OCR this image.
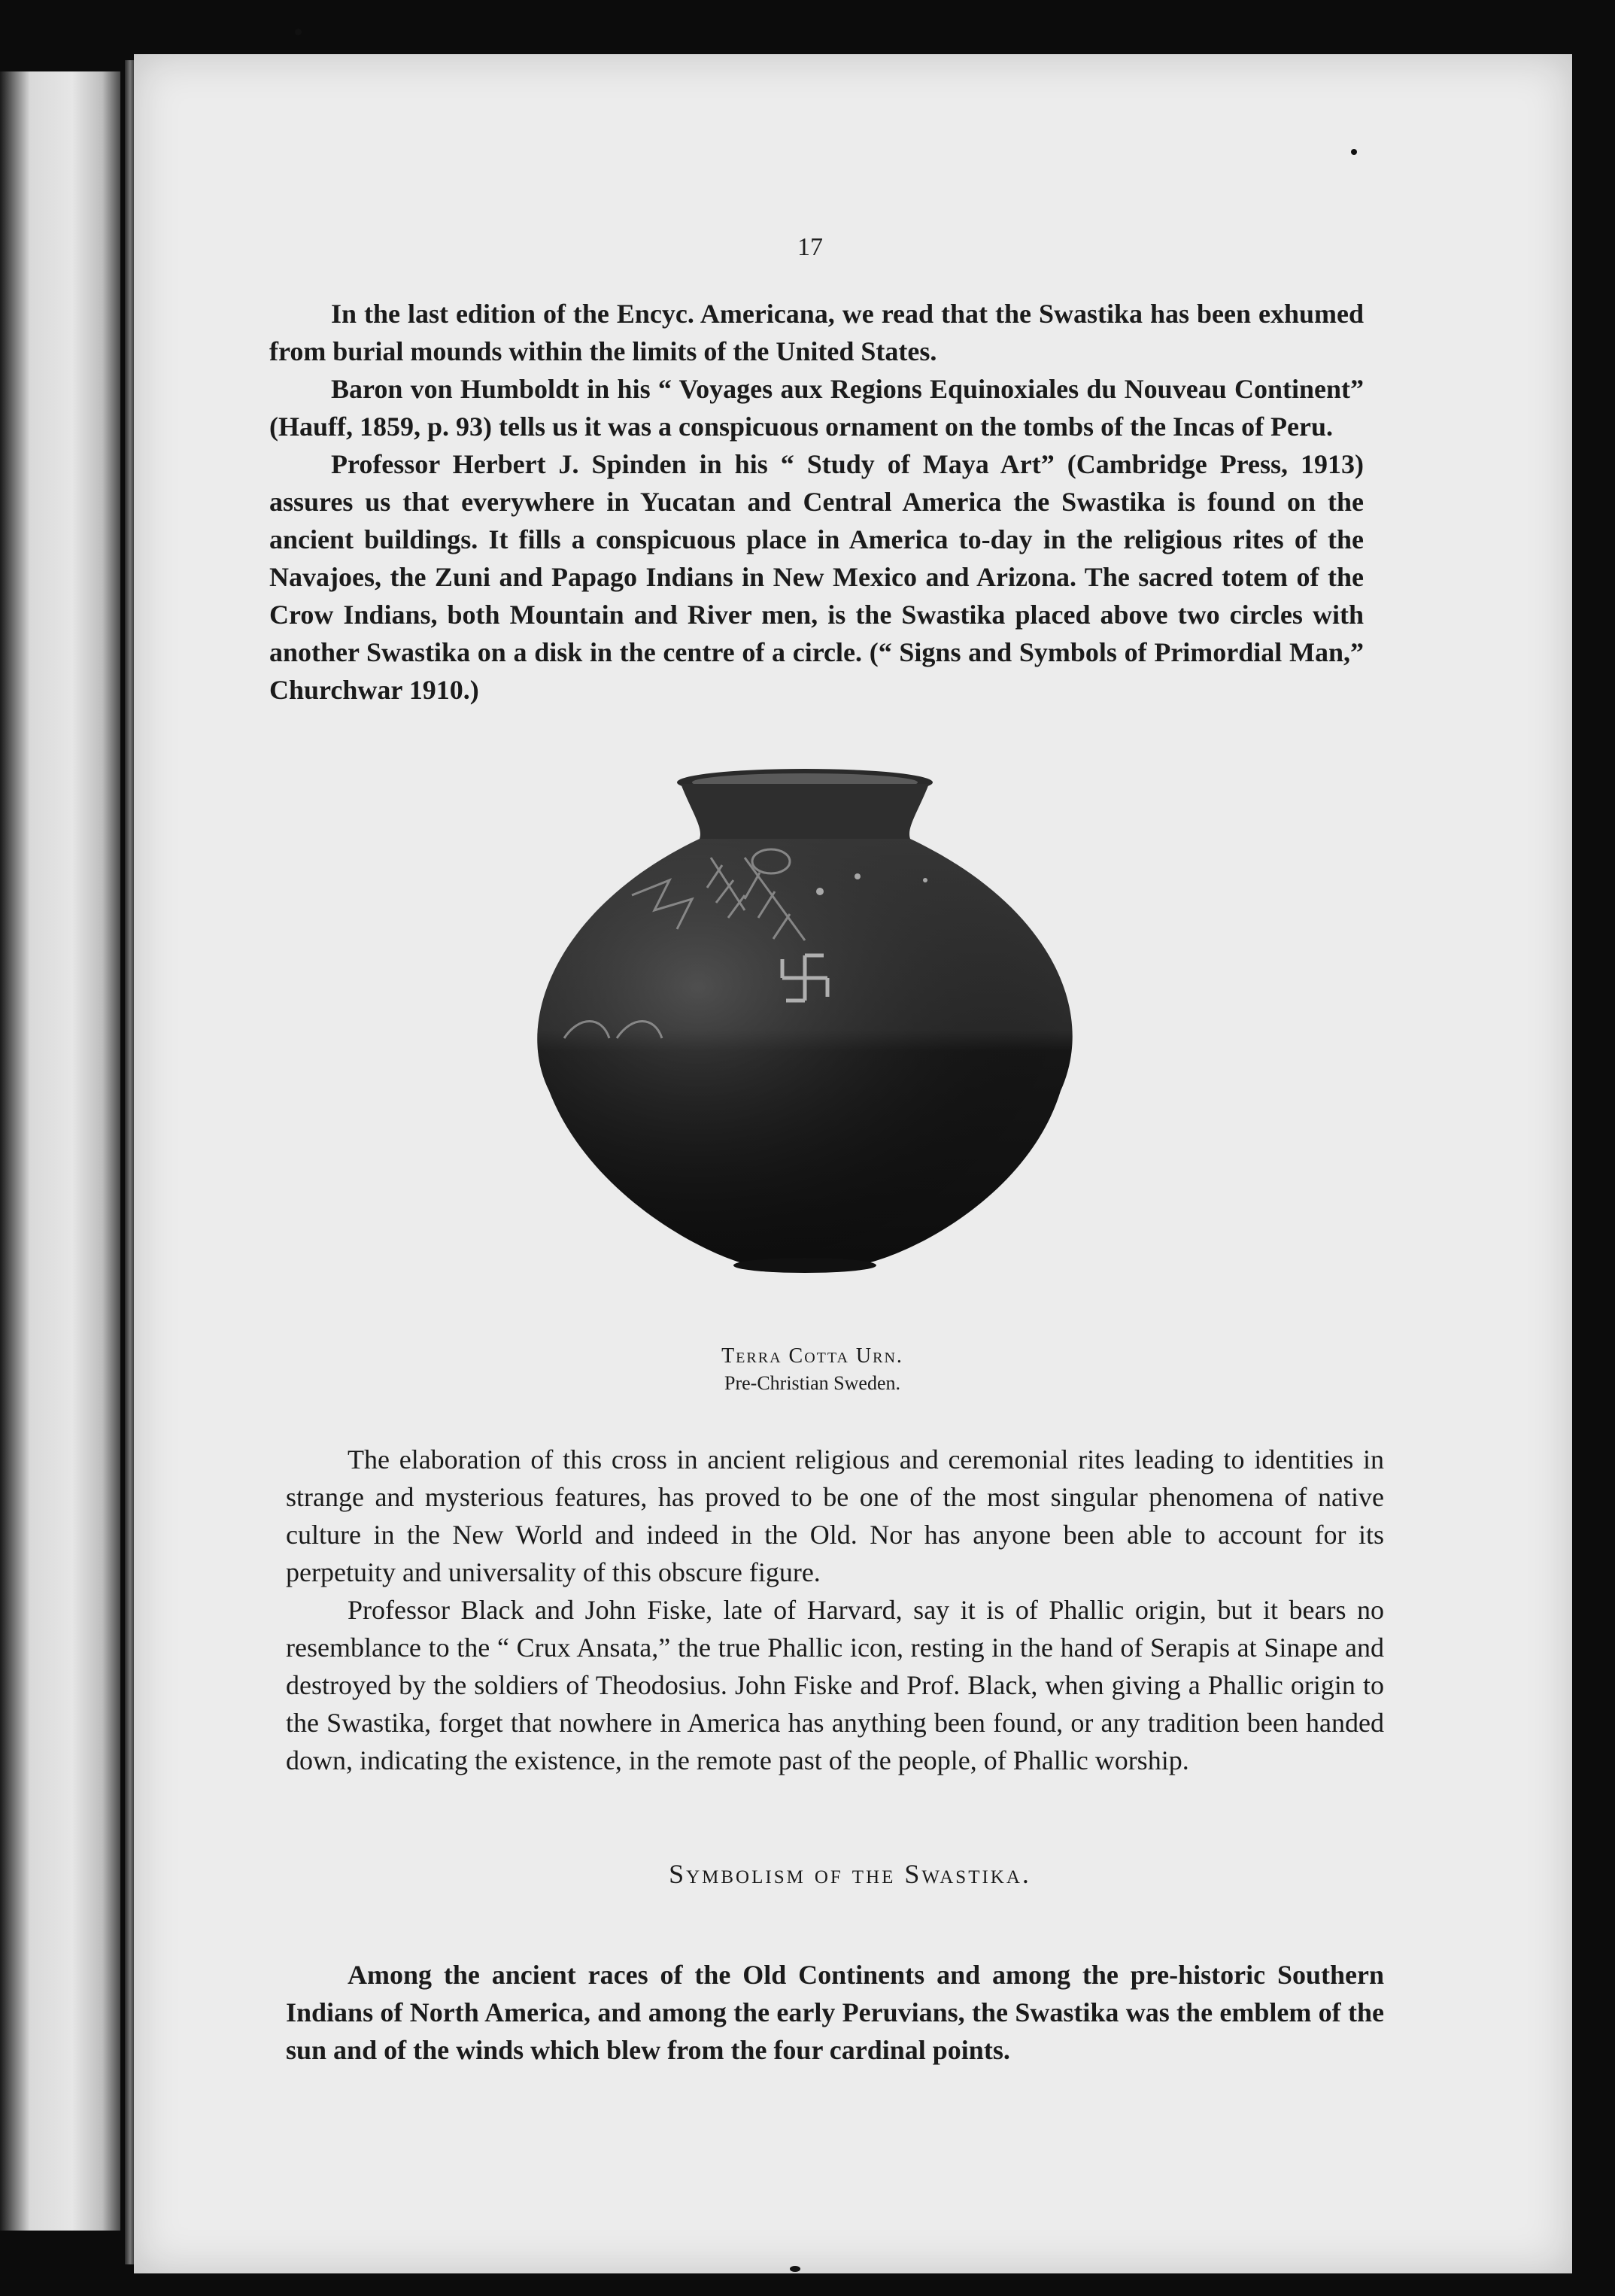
17

In the last edition of the Encyc. Americana, we read that the Swastika has been exhumed from burial mounds within the limits of the United States.

Baron von Humboldt in his “ Voyages aux Regions Equinoxiales du Nouveau Continent” (Hauff, 1859, p. 93) tells us it was a conspicuous ornament on the tombs of the Incas of Peru.

Professor Herbert J. Spinden in his “ Study of Maya Art” (Cambridge Press, 1913) assures us that everywhere in Yucatan and Central America the Swastika is found on the ancient buildings. It fills a conspicuous place in America to-day in the religious rites of the Navajoes, the Zuni and Papago Indians in New Mexico and Arizona. The sacred totem of the Crow Indians, both Mountain and River men, is the Swastika placed above two circles with another Swastika on a disk in the centre of a circle. (“ Signs and Symbols of Primordial Man,” Churchwar 1910.)

Terra Cotta Urn.
Pre-Christian Sweden.

The elaboration of this cross in ancient religious and ceremonial rites leading to identities in strange and mysterious features, has proved to be one of the most singular phenomena of native culture in the New World and indeed in the Old. Nor has anyone been able to account for its perpetuity and universality of this obscure figure.

Professor Black and John Fiske, late of Harvard, say it is of Phallic origin, but it bears no resemblance to the “ Crux Ansata,” the true Phallic icon, resting in the hand of Serapis at Sinape and destroyed by the soldiers of Theodosius. John Fiske and Prof. Black, when giving a Phallic origin to the Swastika, forget that nowhere in America has anything been found, or any tradition been handed down, indicating the existence, in the remote past of the people, of Phallic worship.

Symbolism of the Swastika.

Among the ancient races of the Old Continents and among the pre-historic Southern Indians of North America, and among the early Peruvians, the Swastika was the emblem of the sun and of the winds which blew from the four cardinal points.
